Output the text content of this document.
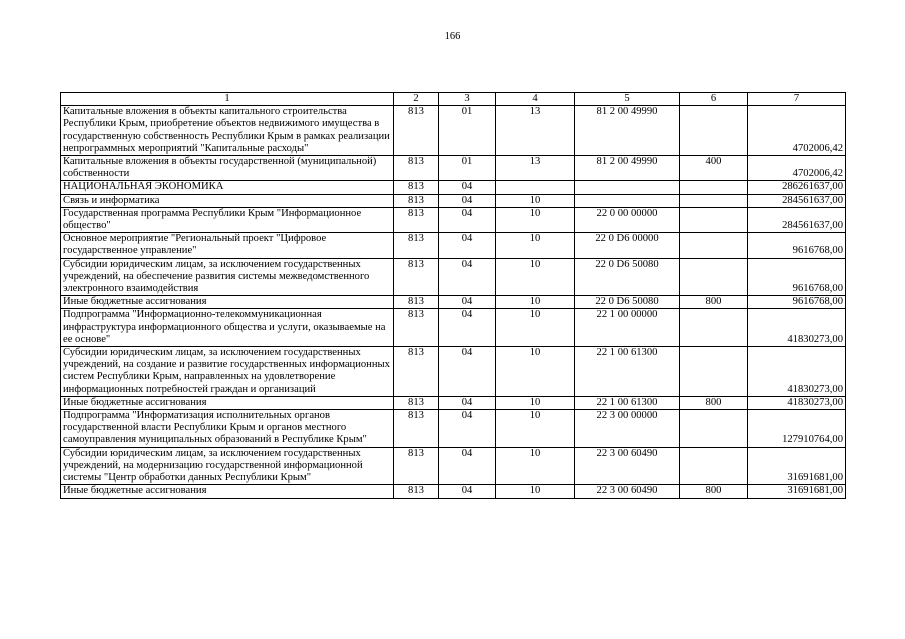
166
1	2	3	4	5	6	7
Капитальные вложения в объекты капитального строительства Республики Крым, приобретение объектов недвижимого имущества в государственную собственность Республики Крым в рамках реализации непрограммных мероприятий "Капитальные расходы"	813	01	13	81 2 00 49990		4702006,42
Капитальные вложения в объекты государственной (муниципальной) собственности	813	01	13	81 2 00 49990	400	4702006,42
НАЦИОНАЛЬНАЯ ЭКОНОМИКА	813	04				286261637,00
Связь и информатика	813	04	10			284561637,00
Государственная программа Республики Крым "Информационное общество"	813	04	10	22 0 00 00000		284561637,00
Основное мероприятие "Региональный проект "Цифровое государственное управление"	813	04	10	22 0 D6 00000		9616768,00
Субсидии юридическим лицам, за исключением государственных учреждений, на обеспечение развития системы межведомственного электронного взаимодействия	813	04	10	22 0 D6 50080		9616768,00
Иные бюджетные ассигнования	813	04	10	22 0 D6 50080	800	9616768,00
Подпрограмма "Информационно-телекоммуникационная инфраструктура информационного общества и услуги, оказываемые на ее основе"	813	04	10	22 1 00 00000		41830273,00
Субсидии юридическим лицам, за исключением государственных учреждений, на создание и развитие государственных информационных систем Республики Крым, направленных на удовлетворение информационных потребностей граждан и организаций	813	04	10	22 1 00 61300		41830273,00
Иные бюджетные ассигнования	813	04	10	22 1 00 61300	800	41830273,00
Подпрограмма "Информатизация исполнительных органов государственной власти Республики Крым и органов местного самоуправления муниципальных образований в Республике Крым"	813	04	10	22 3 00 00000		127910764,00
Субсидии юридическим лицам, за исключением государственных учреждений, на модернизацию государственной информационной системы "Центр обработки данных Республики Крым"	813	04	10	22 3 00 60490		31691681,00
Иные бюджетные ассигнования	813	04	10	22 3 00 60490	800	31691681,00
